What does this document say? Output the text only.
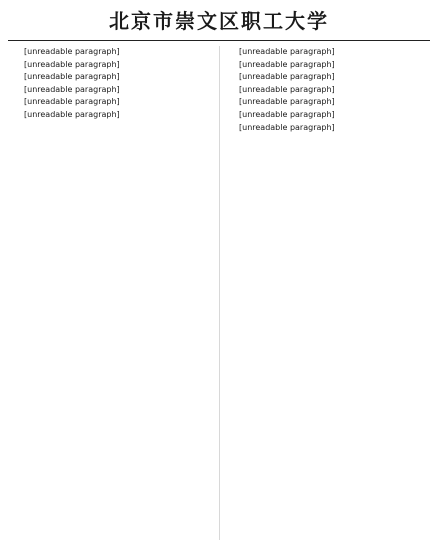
北京市崇文区职工大学

[unreadable paragraph]

[unreadable paragraph]

[unreadable paragraph]

[unreadable paragraph]

[unreadable paragraph]

[unreadable paragraph]

[unreadable paragraph]

[unreadable paragraph]

[unreadable paragraph]

[unreadable paragraph]

[unreadable paragraph]

[unreadable paragraph]

[unreadable paragraph]
